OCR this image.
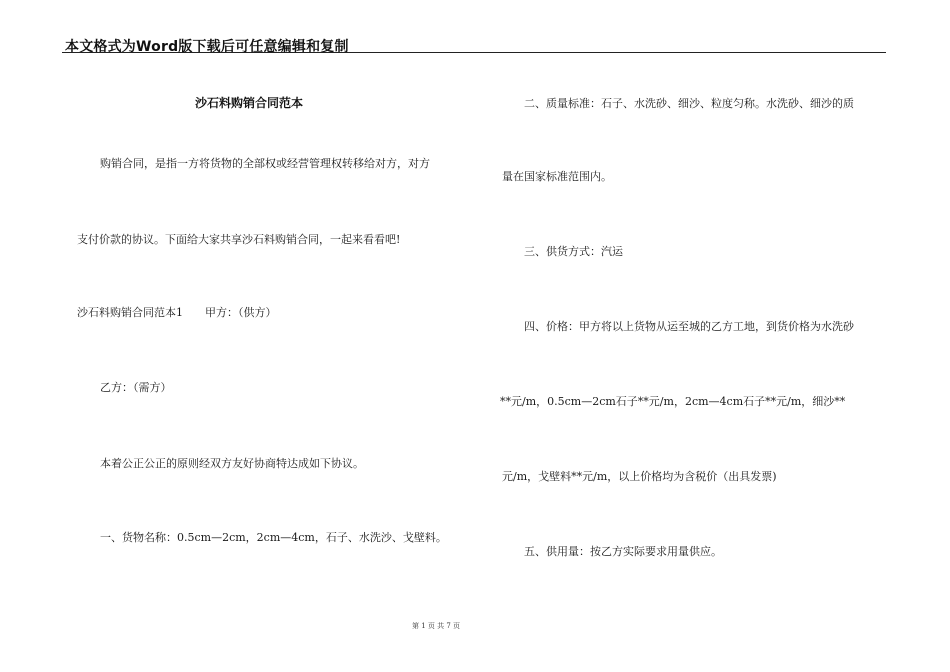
本文格式为Word版下载后可任意编辑和复制
沙石料购销合同范本
购销合同，是指一方将货物的全部权或经营管理权转移给对方，对方
支付价款的协议。下面给大家共享沙石料购销合同，一起来看看吧!
沙石料购销合同范本1 甲方：（供方）
乙方：（需方）
本着公正公正的原则经双方友好协商特达成如下协议。
一、货物名称：0.5cm—2cm，2cm—4cm，石子、水洗沙、戈壁料。
二、质量标准：石子、水洗砂、细沙、粒度匀称。水洗砂、细沙的质
量在国家标准范围内。
三、供货方式：汽运
四、价格：甲方将以上货物从运至城的乙方工地，到货价格为水洗砂
**元/m，0.5cm—2cm石子**元/m，2cm—4cm石子**元/m，细沙**
元/m，戈壁料**元/m，以上价格均为含税价（出具发票)
五、供用量：按乙方实际要求用量供应。
第 1 页 共 7 页
